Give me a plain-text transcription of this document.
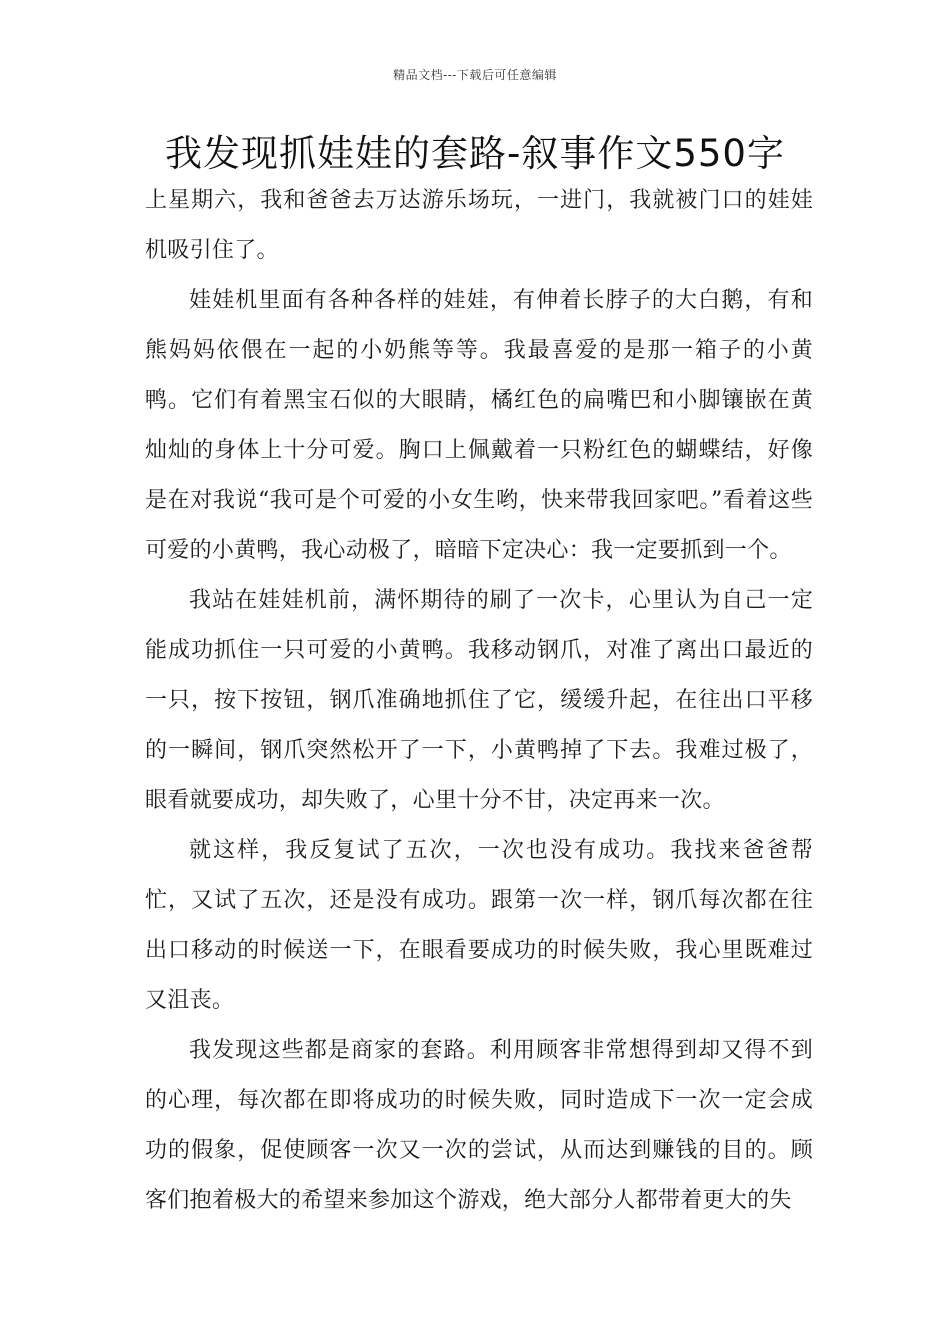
精品文档---下载后可任意编辑
我发现抓娃娃的套路-叙事作文550字

上星期六，我和爸爸去万达游乐场玩，一进门，我就被门口的娃娃机吸引住了。

娃娃机里面有各种各样的娃娃，有伸着长脖子的大白鹅，有和熊妈妈依偎在一起的小奶熊等等。我最喜爱的是那一箱子的小黄鸭。它们有着黑宝石似的大眼睛，橘红色的扁嘴巴和小脚镶嵌在黄灿灿的身体上十分可爱。胸口上佩戴着一只粉红色的蝴蝶结，好像是在对我说“我可是个可爱的小女生哟，快来带我回家吧。”看着这些可爱的小黄鸭，我心动极了，暗暗下定决心：我一定要抓到一个。

我站在娃娃机前，满怀期待的刷了一次卡，心里认为自己一定能成功抓住一只可爱的小黄鸭。我移动钢爪，对准了离出口最近的一只，按下按钮，钢爪准确地抓住了它，缓缓升起，在往出口平移的一瞬间，钢爪突然松开了一下，小黄鸭掉了下去。我难过极了，眼看就要成功，却失败了，心里十分不甘，决定再来一次。

就这样，我反复试了五次，一次也没有成功。我找来爸爸帮忙，又试了五次，还是没有成功。跟第一次一样，钢爪每次都在往出口移动的时候送一下，在眼看要成功的时候失败，我心里既难过又沮丧。

我发现这些都是商家的套路。利用顾客非常想得到却又得不到的心理，每次都在即将成功的时候失败，同时造成下一次一定会成功的假象，促使顾客一次又一次的尝试，从而达到赚钱的目的。顾客们抱着极大的希望来参加这个游戏，绝大部分人都带着更大的失
